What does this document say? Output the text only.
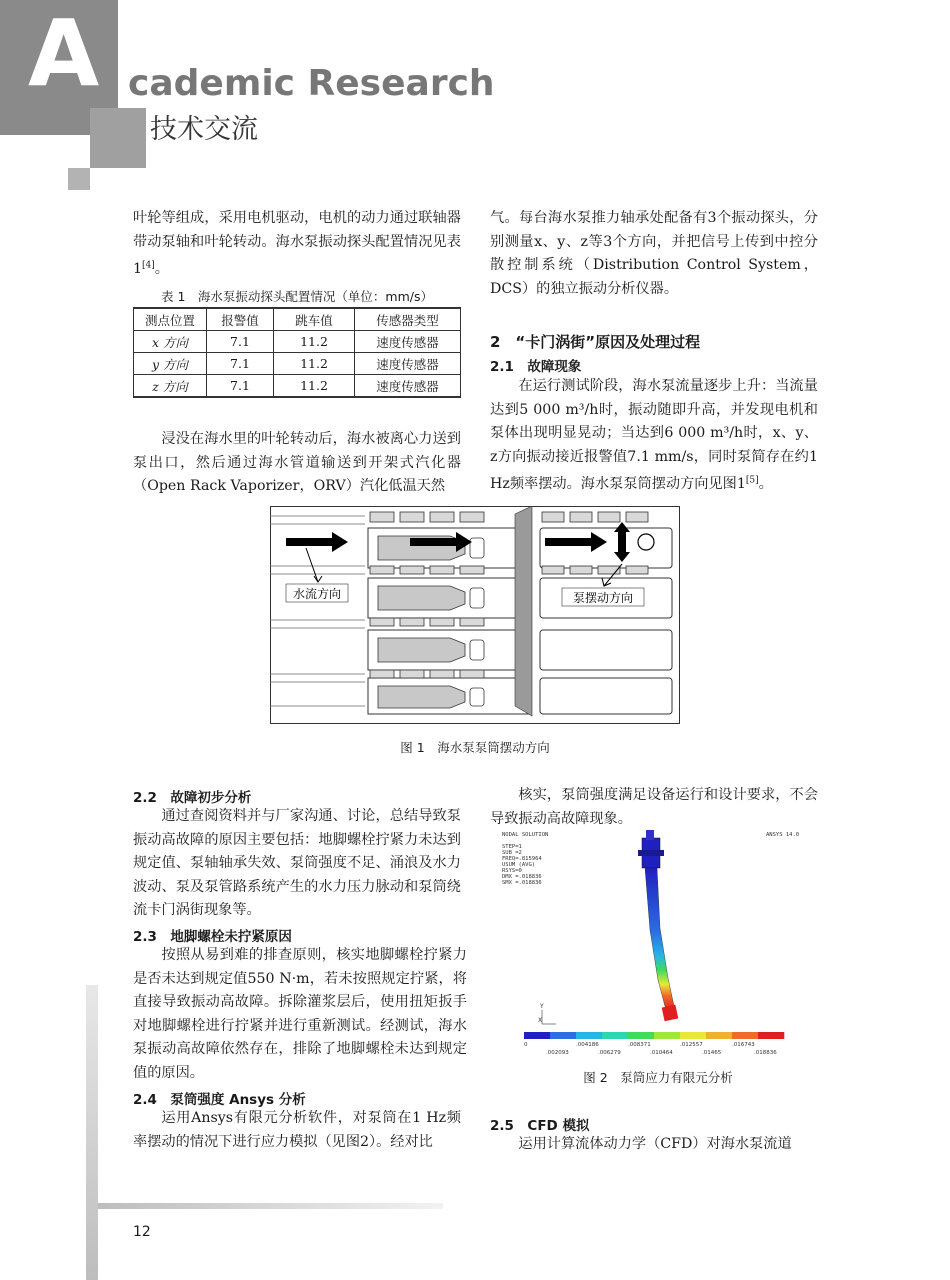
A cademic Research
技术交流
叶轮等组成，采用电机驱动，电机的动力通过联轴器带动泵轴和叶轮转动。海水泵振动探头配置情况见表1[4]。
表 1　海水泵振动探头配置情况（单位：mm/s）
测点位置	报警值	跳车值	传感器类型
x 方向	7.1	11.2	速度传感器
y 方向	7.1	11.2	速度传感器
z 方向	7.1	11.2	速度传感器
浸没在海水里的叶轮转动后，海水被离心力送到泵出口，然后通过海水管道输送到开架式汽化器（Open Rack Vaporizer，ORV）汽化低温天然
气。每台海水泵推力轴承处配备有3个振动探头，分别测量x、y、z等3个方向，并把信号上传到中控分散控制系统（Distribution Control System，DCS）的独立振动分析仪器。
2　“卡门涡街”原因及处理过程
2.1　故障现象
在运行测试阶段，海水泵流量逐步上升：当流量达到5 000 m³/h时，振动随即升高，并发现电机和泵体出现明显晃动；当达到6 000 m³/h时，x、y、z方向振动接近报警值7.1 mm/s，同时泵简存在约1 Hz频率摆动。海水泵泵筒摆动方向见图1[5]。
水流方向	泵摆动方向
图 1　海水泵泵筒摆动方向
2.2　故障初步分析
通过查阅资料并与厂家沟通、讨论，总结导致泵振动高故障的原因主要包括：地脚螺栓拧紧力未达到规定值、泵轴轴承失效、泵筒强度不足、涌浪及水力波动、泵及泵管路系统产生的水力压力脉动和泵筒绕流卡门涡街现象等。
2.3　地脚螺栓未拧紧原因
按照从易到难的排查原则，核实地脚螺栓拧紧力是否未达到规定值550 N·m，若未按照规定拧紧，将直接导致振动高故障。拆除灌浆层后，使用扭矩扳手对地脚螺栓进行拧紧并进行重新测试。经测试，海水泵振动高故障依然存在，排除了地脚螺栓未达到规定值的原因。
2.4　泵筒强度 Ansys 分析
运用Ansys有限元分析软件，对泵筒在1 Hz频率摆动的情况下进行应力模拟（见图2）。经对比
核实，泵筒强度满足设备运行和设计要求，不会导致振动高故障现象。
NODAL SOLUTION
STEP=1
SUB =2
FREQ=.815964
USUM (AVG)
RSYS=0
DMX =.018836
SMX =.018836
ANSYS 14.0
Y
X
0	.004186	.008371	.012557	.016743
.002093	.006279	.010464	.01465	.018836
图 2　泵筒应力有限元分析
2.5　CFD 模拟
运用计算流体动力学（CFD）对海水泵流道
12
